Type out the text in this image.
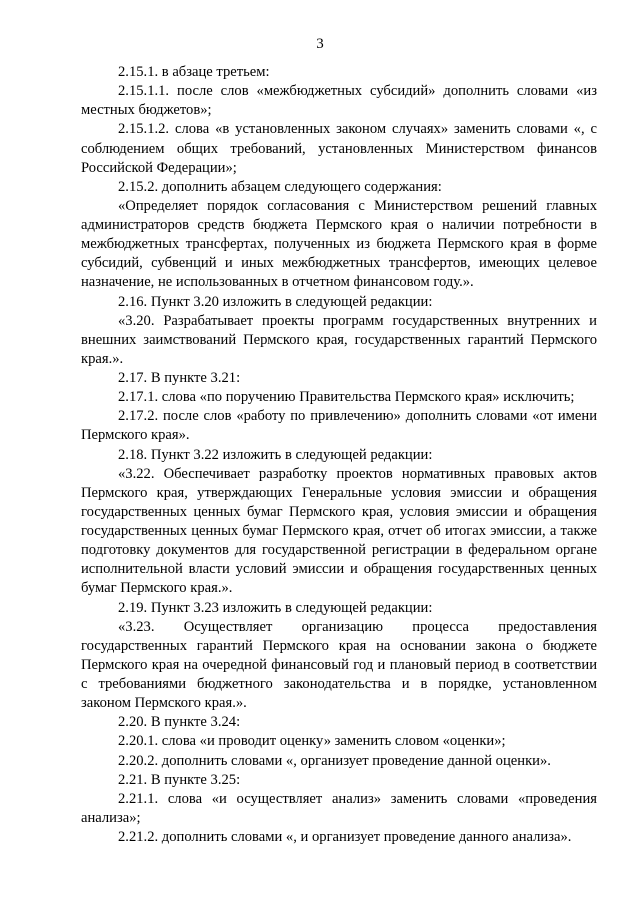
3

2.15.1. в абзаце третьем:

2.15.1.1. после слов «межбюджетных субсидий» дополнить словами «из местных бюджетов»;

2.15.1.2. слова «в установленных законом случаях» заменить словами «, с соблюдением общих требований, установленных Министерством финансов Российской Федерации»;

2.15.2. дополнить абзацем следующего содержания:

«Определяет порядок согласования с Министерством решений главных администраторов средств бюджета Пермского края о наличии потребности в межбюджетных трансфертах, полученных из бюджета Пермского края в форме субсидий, субвенций и иных межбюджетных трансфертов, имеющих целевое назначение, не использованных в отчетном финансовом году.».

2.16. Пункт 3.20 изложить в следующей редакции:

«3.20. Разрабатывает проекты программ государственных внутренних и внешних заимствований Пермского края, государственных гарантий Пермского края.».

2.17. В пункте 3.21:

2.17.1. слова «по поручению Правительства Пермского края» исключить;

2.17.2. после слов «работу по привлечению» дополнить словами «от имени Пермского края».

2.18. Пункт 3.22 изложить в следующей редакции:

«3.22. Обеспечивает разработку проектов нормативных правовых актов Пермского края, утверждающих Генеральные условия эмиссии и обращения государственных ценных бумаг Пермского края, условия эмиссии и обращения государственных ценных бумаг Пермского края, отчет об итогах эмиссии, а также подготовку документов для государственной регистрации в федеральном органе исполнительной власти условий эмиссии и обращения государственных ценных бумаг Пермского края.».

2.19. Пункт 3.23 изложить в следующей редакции:

«3.23. Осуществляет организацию процесса предоставления государственных гарантий Пермского края на основании закона о бюджете Пермского края на очередной финансовый год и плановый период в соответствии с требованиями бюджетного законодательства и в порядке, установленном законом Пермского края.».

2.20. В пункте 3.24:

2.20.1. слова «и проводит оценку» заменить словом «оценки»;

2.20.2. дополнить словами «, организует проведение данной оценки».

2.21. В пункте 3.25:

2.21.1. слова «и осуществляет анализ» заменить словами «проведения анализа»;

2.21.2. дополнить словами «, и организует проведение данного анализа».
